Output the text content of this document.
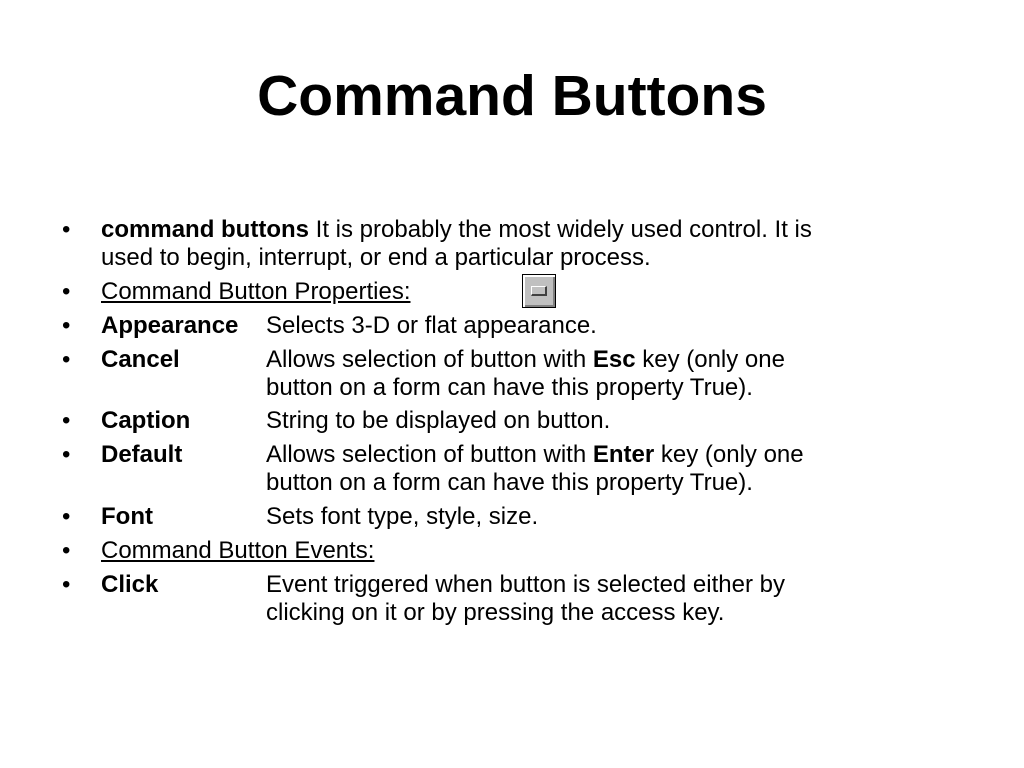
Command Buttons
• command buttons It is probably the most widely used control. It is
used to begin, interrupt, or end a particular process.
• Command Button Properties:
• Appearance Selects 3-D or flat appearance.
• Cancel	Allows selection of button with Esc key (only one
button on a form can have this property True).
• Caption	String to be displayed on button.
• Default	Allows selection of button with Enter key (only one
button on a form can have this property True).
• Font	Sets font type, style, size.
• Command Button Events:
• Click	Event triggered when button is selected either by
clicking on it or by pressing the access key.
